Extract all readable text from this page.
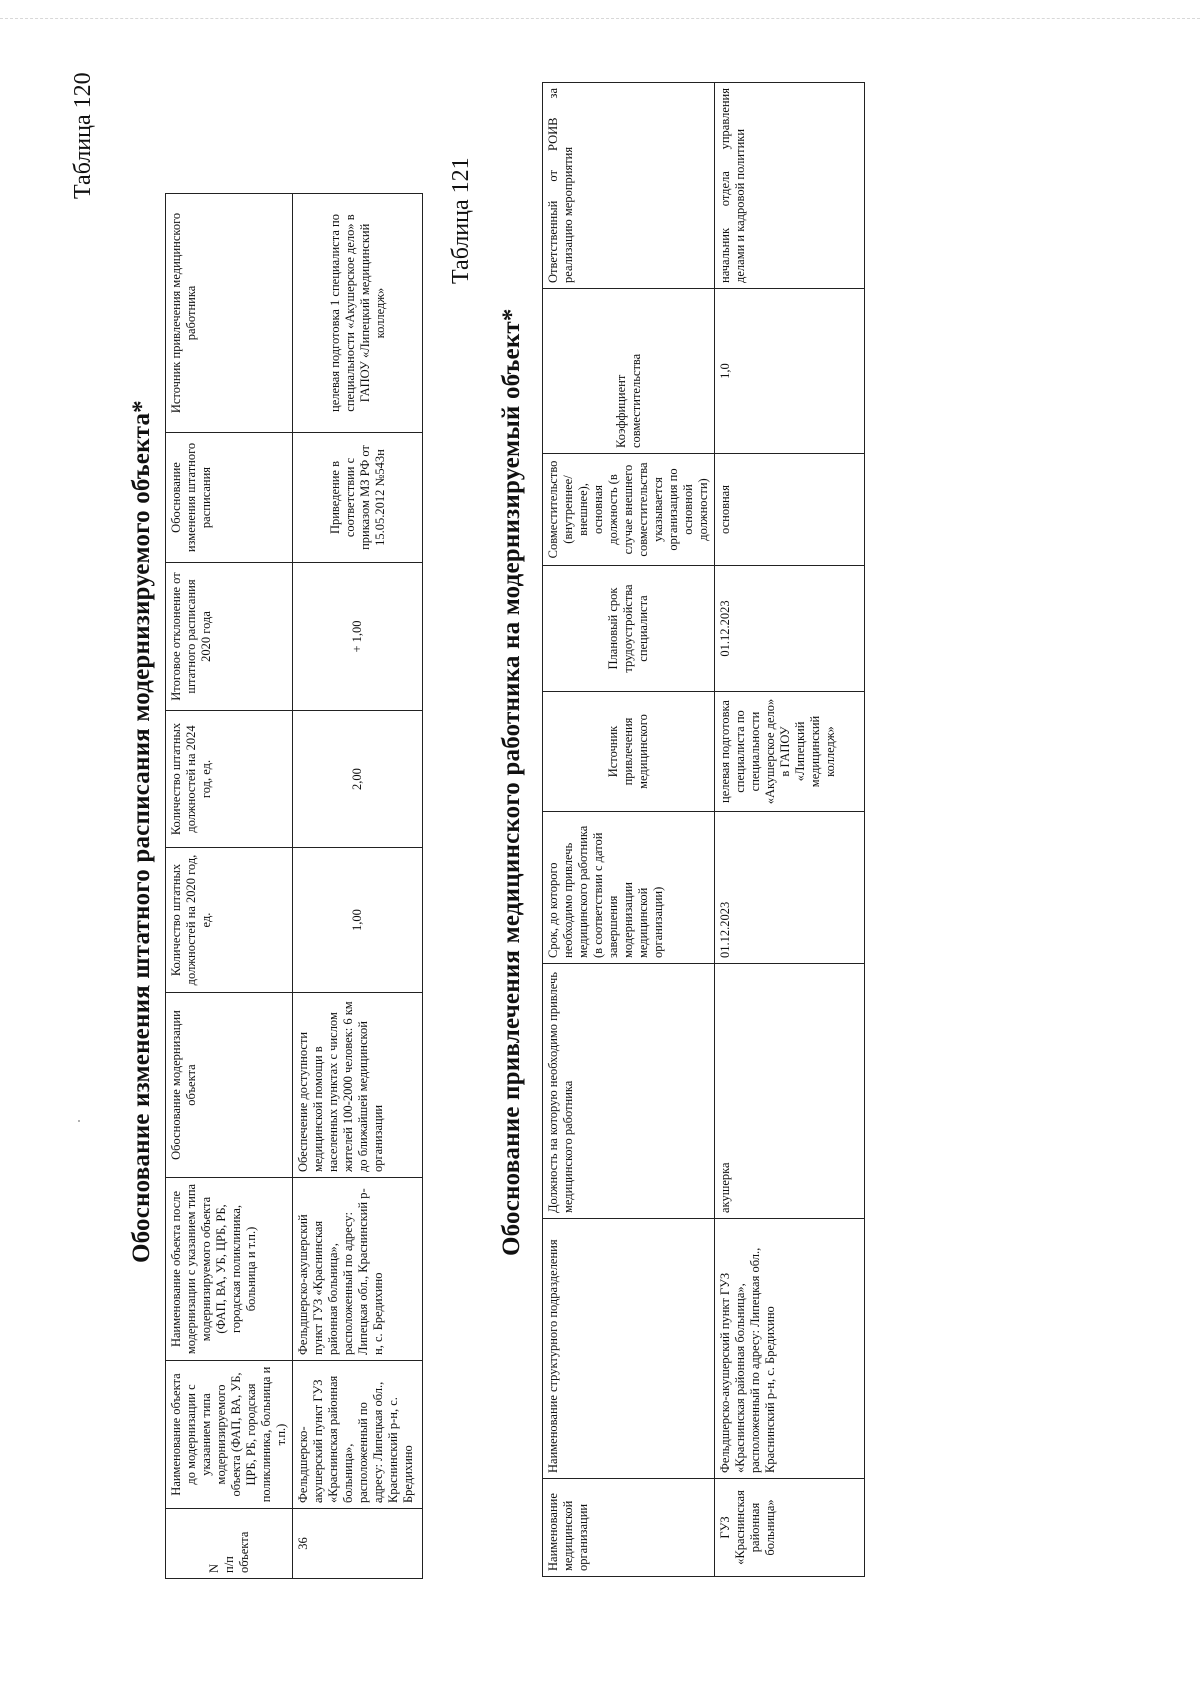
Таблица 120
Обоснование изменения штатного расписания модернизируемого объекта*
N
п/п объекта	Наименование объекта до модернизации с указанием типа модернизируемого объекта (ФАП, ВА, УБ, ЦРБ, РБ, городская поликлиника, больница и т.п.)	Наименование объекта после модернизации с указанием типа модернизируемого объекта (ФАП, ВА, УБ, ЦРБ, РБ, городская поликлиника, больница и т.п.)	Обоснование модернизации объекта	Количество штатных должностей на 2020 год, ед.	Количество штатных должностей на 2024 год, ед.	Итоговое отклонение от штатного расписания 2020 года	Обоснование изменения штатного расписания	Источник привлечения медицинского работника
36	Фельдшерско-акушерский пункт ГУЗ «Краснинская районная больница», расположенный по адресу: Липецкая обл., Краснинский р-н, с. Бредихино	Фельдшерско-акушерский пункт ГУЗ «Краснинская районная больница», расположенный по адресу: Липецкая обл., Краснинский р-н, с. Бредихино	Обеспечение доступности медицинской помощи в населенных пунктах с числом жителей 100-2000 человек: 6 км до ближайшей медицинской организации	1,00	2,00	+ 1,00	Приведение в соответствии с приказом МЗ РФ от 15.05.2012 №543н	целевая подготовка 1 специалиста по специальности «Акушерское дело» в ГАПОУ «Липецкий медицинский колледж»
Таблица 121
Обоснование привлечения медицинского работника на модернизируемый объект*
Наименование медицинской организации	Наименование структурного подразделения	Должность на которую необходимо привлечь медицинского работника	Срок, до которого необходимо привлечь медицинского работника (в соответствии с датой завершения модернизации медицинской организации)	Источник привлечения медицинского	Плановый срок трудоустройства специалиста	Совместительство (внутреннее/внешнее), основная должность (в случае внешнего совместительства указывается организация по основной должности)	Коэффициент совместительства	Ответственный от РОИВ за реализацию мероприятия
ГУЗ «Краснинская районная больница»	Фельдшерско-акушерский пункт ГУЗ «Краснинская районная больница», расположенный по адресу: Липецкая обл., Краснинский р-н, с. Бредихино	акушерка	01.12.2023	целевая подготовка специалиста по специальности «Акушерское дело» в ГАПОУ «Липецкий медицинский колледж»	01.12.2023	основная	1,0	начальник отдела управления делами и кадровой политики
